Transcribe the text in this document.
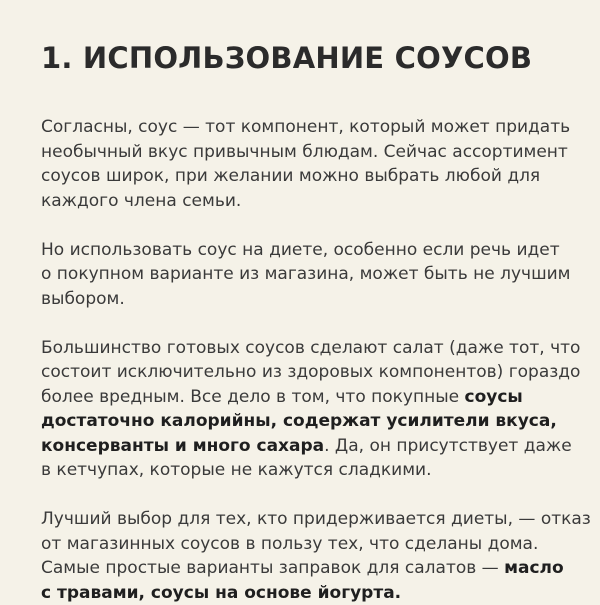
1. ИСПОЛЬЗОВАНИЕ СОУСОВ

Согласны, соус — тот компонент, который может придать
необычный вкус привычным блюдам. Сейчас ассортимент
соусов широк, при желании можно выбрать любой для
каждого члена семьи.

Но использовать соус на диете, особенно если речь идет
о покупном варианте из магазина, может быть не лучшим
выбором.

Большинство готовых соусов сделают салат (даже тот, что
состоит исключительно из здоровых компонентов) гораздо
более вредным. Все дело в том, что покупные соусы
достаточно калорийны, содержат усилители вкуса,
консерванты и много сахара. Да, он присутствует даже
в кетчупах, которые не кажутся сладкими.

Лучший выбор для тех, кто придерживается диеты, — отказ
от магазинных соусов в пользу тех, что сделаны дома.
Самые простые варианты заправок для салатов — масло
с травами, соусы на основе йогурта.
